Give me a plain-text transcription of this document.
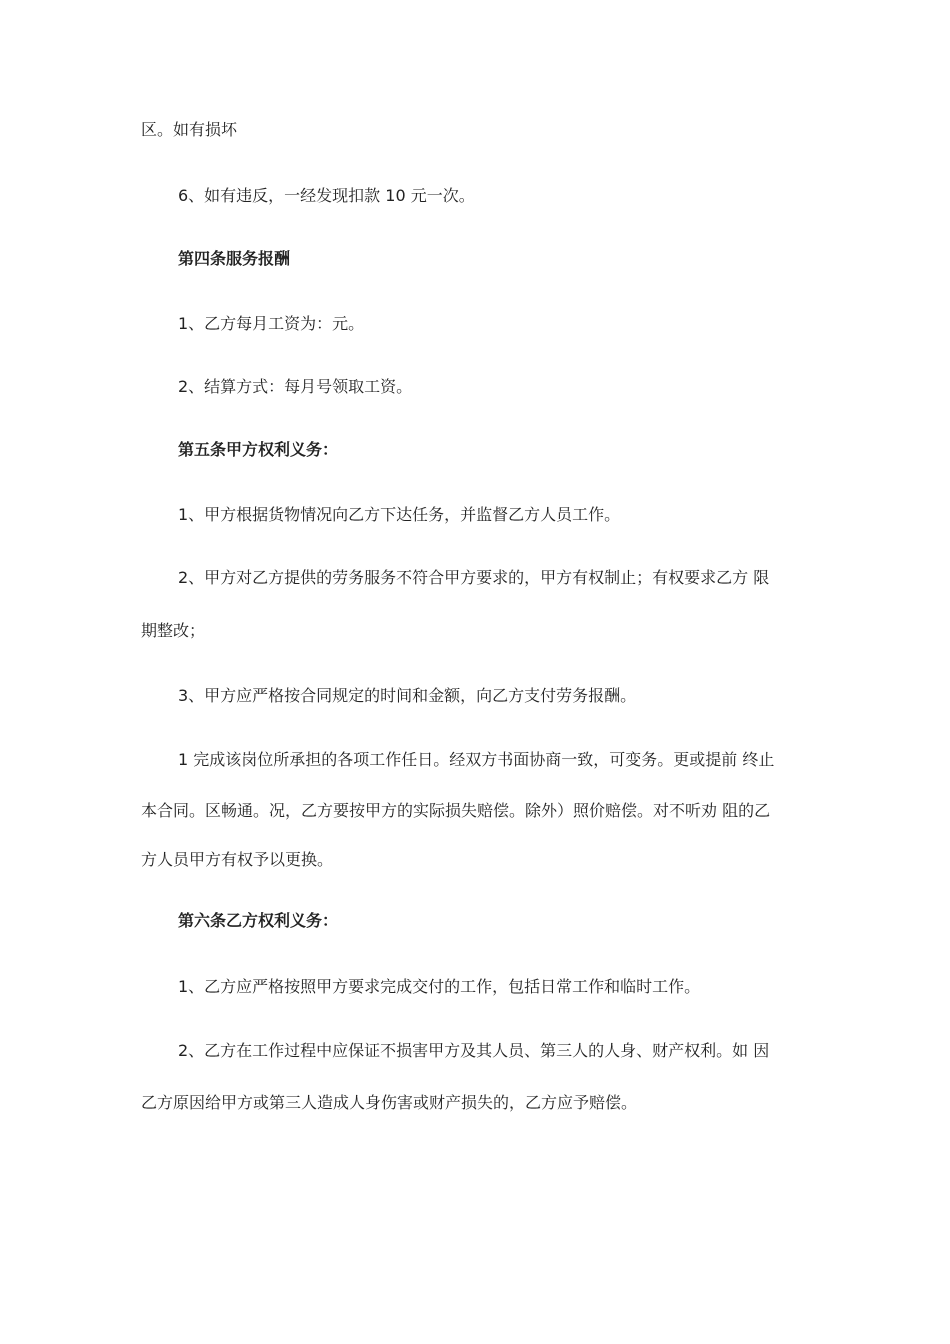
区。如有损坏
6、如有违反，一经发现扣款 10 元一次。
第四条服务报酬
1、乙方每月工资为：元。
2、结算方式：每月号领取工资。
第五条甲方权利义务：
1、甲方根据货物情况向乙方下达任务，并监督乙方人员工作。
2、甲方对乙方提供的劳务服务不符合甲方要求的，甲方有权制止；有权要求乙方 限
期整改；
3、甲方应严格按合同规定的时间和金额，向乙方支付劳务报酬。
1 完成该岗位所承担的各项工作任日。经双方书面协商一致，可变务。更或提前 终止
本合同。区畅通。况，乙方要按甲方的实际损失赔偿。除外）照价赔偿。对不听劝 阻的乙
方人员甲方有权予以更换。
第六条乙方权利义务：
1、乙方应严格按照甲方要求完成交付的工作，包括日常工作和临时工作。
2、乙方在工作过程中应保证不损害甲方及其人员、第三人的人身、财产权利。如 因
乙方原因给甲方或第三人造成人身伤害或财产损失的，乙方应予赔偿。
